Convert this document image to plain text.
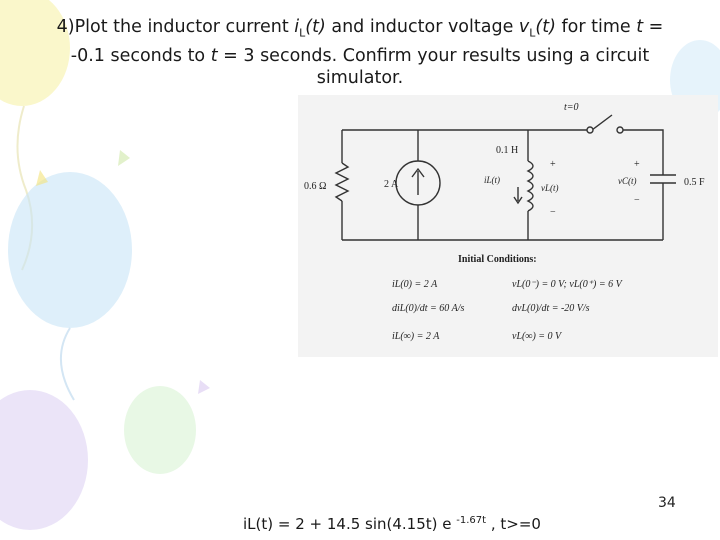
4)Plot the inductor current $i_L(t)$ and inductor voltage $v_L(t)$ for time t =
-0.1 seconds to t = 3 seconds. Confirm your results using a circuit
simulator.
t=0
0.1 H
0.6 Ω	2 A	0.5 F
iL(t)
vL(t)
+
−
vC(t)
+
−
Initial Conditions:
iL(0) = 2 A	vL(0⁻) = 0 V; vL(0⁺) = 6 V
diL(0)/dt = 60 A/s	dvL(0)/dt = -20 V/s
iL(∞) = 2 A	vL(∞) = 0 V
34
iL(t) = 2 + 14.5 sin(4.15t) e $^{-1.67t}$ , t>=0
